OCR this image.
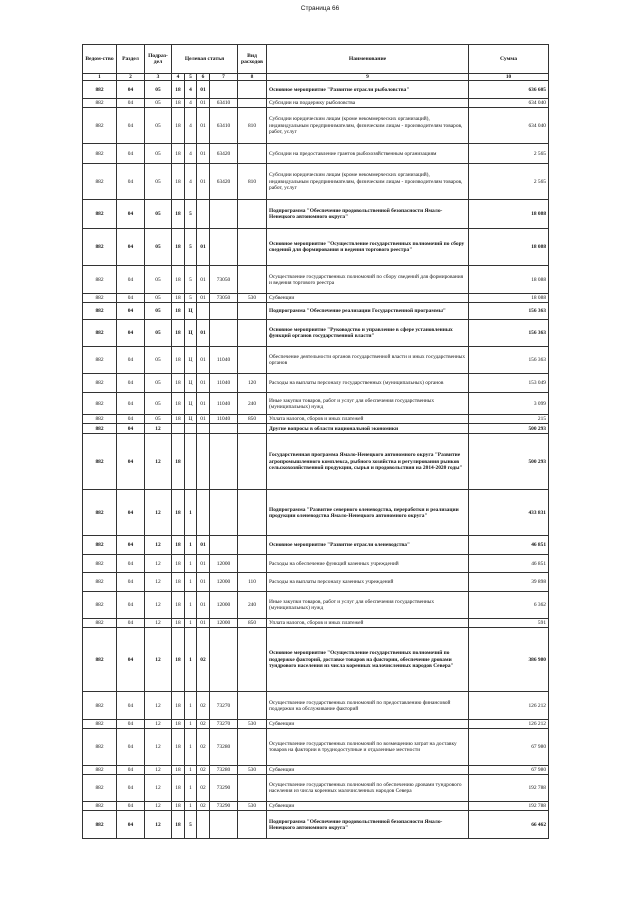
Страница 66
Ведом-ство	Раздел	Подраз-дел	Целевая статья				Вид расходов	Наименование	Сумма
1	2	3	4	5	6	7	8	9	10
882	04	05	18	4	01			Основное мероприятие "Развитие отрасли рыболовства"	636 605
882	04	05	18	4	01	63410		Субсидии на поддержку рыболовства	634 040
882	04	05	18	4	01	63410	810	Субсидии юридическим лицам (кроме некоммерческих организаций), индивидуальным предпринимателям, физическим лицам - производителям товаров, работ, услуг	634 040
882	04	05	18	4	01	63420		Субсидии на предоставление грантов рыбохозяйственным организациям	2 565
882	04	05	18	4	01	63420	810	Субсидии юридическим лицам (кроме некоммерческих организаций), индивидуальным предпринимателям, физическим лицам - производителям товаров, работ, услуг	2 565
882	04	05	18	5				Подпрограмма "Обеспечение продовольственной безопасности Ямало-Ненецкого автономного округа"	18 088
882	04	05	18	5	01			Основное мероприятие "Осуществление государственных полномочий по сбору сведений для формирования и ведения торгового реестра"	18 088
882	04	05	18	5	01	73050		Осуществление государственных полномочий по сбору сведений для формирования и ведения торгового реестра	18 088
882	04	05	18	5	01	73050	530	Субвенции	18 088
882	04	05	18	Ц				Подпрограмма "Обеспечение реализации Государственной программы"	156 363
882	04	05	18	Ц	01			Основное мероприятие "Руководство и управление в сфере установленных функций органов государственной власти"	156 363
882	04	05	18	Ц	01	11040		Обеспечение деятельности органов государственной власти и иных государственных органов	156 363
882	04	05	18	Ц	01	11040	120	Расходы на выплаты персоналу государственных (муниципальных) органов	153 049
882	04	05	18	Ц	01	11040	240	Иные закупки товаров, работ и услуг для обеспечения государственных (муниципальных) нужд	3 099
882	04	05	18	Ц	01	11040	850	Уплата налогов, сборов и иных платежей	215
882	04	12						Другие вопросы в области национальной экономики	500 293
882	04	12	18					Государственная программа Ямало-Ненецкого автономного округа "Развитие агропромышленного комплекса, рыбного хозяйства и регулирования рынков сельскохозяйственной продукции, сырья и продовольствия на 2014-2020 годы"	500 293
882	04	12	18	1				Подпрограмма "Развитие северного оленеводства, переработки и реализации продукции оленеводства Ямало-Ненецкого автономного округа"	433 831
882	04	12	18	1	01			Основное мероприятие "Развитие отрасли оленеводства"	46 851
882	04	12	18	1	01	12000		Расходы на обеспечение функций казенных учреждений	46 851
882	04	12	18	1	01	12000	110	Расходы на выплаты персоналу казенных учреждений	39 898
882	04	12	18	1	01	12000	240	Иные закупки товаров, работ и услуг для обеспечения государственных (муниципальных) нужд	6 362
882	04	12	18	1	01	12000	850	Уплата налогов, сборов и иных платежей	591
882	04	12	18	1	02			Основное мероприятие "Осуществление государственных полномочий по поддержке факторий, доставке товаров на фактории, обеспечение дровами тундрового населения из числа коренных малочисленных народов Севера"	386 980
882	04	12	18	1	02	73270		Осуществление государственных полномочий по предоставлению финансовой поддержки на обслуживание факторий	126 212
882	04	12	18	1	02	73270	530	Субвенции	126 212
882	04	12	18	1	02	73280		Осуществление государственных полномочий по возмещению затрат на доставку товаров на фактории в труднодоступные и отдаленные местности	67 980
882	04	12	18	1	02	73280	530	Субвенции	67 980
882	04	12	18	1	02	73290		Осуществление государственных полномочий по обеспечению дровами тундрового населения из числа коренных малочисленных народов Севера	192 788
882	04	12	18	1	02	73290	530	Субвенции	192 788
882	04	12	18	5				Подпрограмма "Обеспечение продовольственной безопасности Ямало-Ненецкого автономного округа"	66 462
